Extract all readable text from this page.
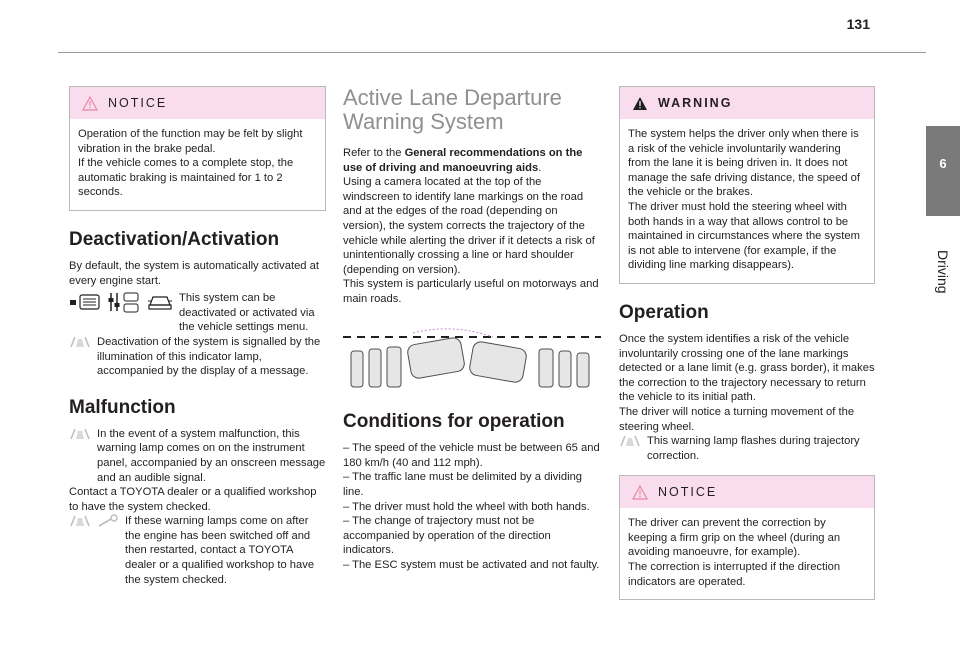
131
6
Driving
NOTICE

Operation of the function may be felt by slight vibration in the brake pedal.

If the vehicle comes to a complete stop, the automatic braking is maintained for 1 to 2 seconds.

Deactivation/Activation

By default, the system is automatically activated at every engine start.

This system can be deactivated or activated via the vehicle settings menu.

Deactivation of the system is signalled by the illumination of this indicator lamp, accompanied by the display of a message.

Malfunction

In the event of a system malfunction, this warning lamp comes on on the instrument panel, accompanied by an onscreen message and an audible signal.

Contact a TOYOTA dealer or a qualified workshop to have the system checked.

If these warning lamps come on after the engine has been switched off and then restarted, contact a TOYOTA dealer or a qualified workshop to have the system checked.

Active Lane Departure Warning System

Refer to the General recommendations on the use of driving and manoeuvring aids.

Using a camera located at the top of the windscreen to identify lane markings on the road and at the edges of the road (depending on version), the system corrects the trajectory of the vehicle while alerting the driver if it detects a risk of unintentionally crossing a line or hard shoulder (depending on version).

This system is particularly useful on motorways and main roads.

Conditions for operation

– The speed of the vehicle must be between 65 and 180 km/h (40 and 112 mph).

– The traffic lane must be delimited by a dividing line.

– The driver must hold the wheel with both hands.

– The change of trajectory must not be accompanied by operation of the direction indicators.

– The ESC system must be activated and not faulty.

WARNING

The system helps the driver only when there is a risk of the vehicle involuntarily wandering from the lane it is being driven in. It does not manage the safe driving distance, the speed of the vehicle or the brakes.

The driver must hold the steering wheel with both hands in a way that allows control to be maintained in circumstances where the system is not able to intervene (for example, if the dividing line marking disappears).

Operation

Once the system identifies a risk of the vehicle involuntarily crossing one of the lane markings detected or a lane limit (e.g. grass border), it makes the correction to the trajectory necessary to return the vehicle to its initial path.

The driver will notice a turning movement of the steering wheel.

This warning lamp flashes during trajectory correction.

NOTICE

The driver can prevent the correction by keeping a firm grip on the wheel (during an avoiding manoeuvre, for example).

The correction is interrupted if the direction indicators are operated.
